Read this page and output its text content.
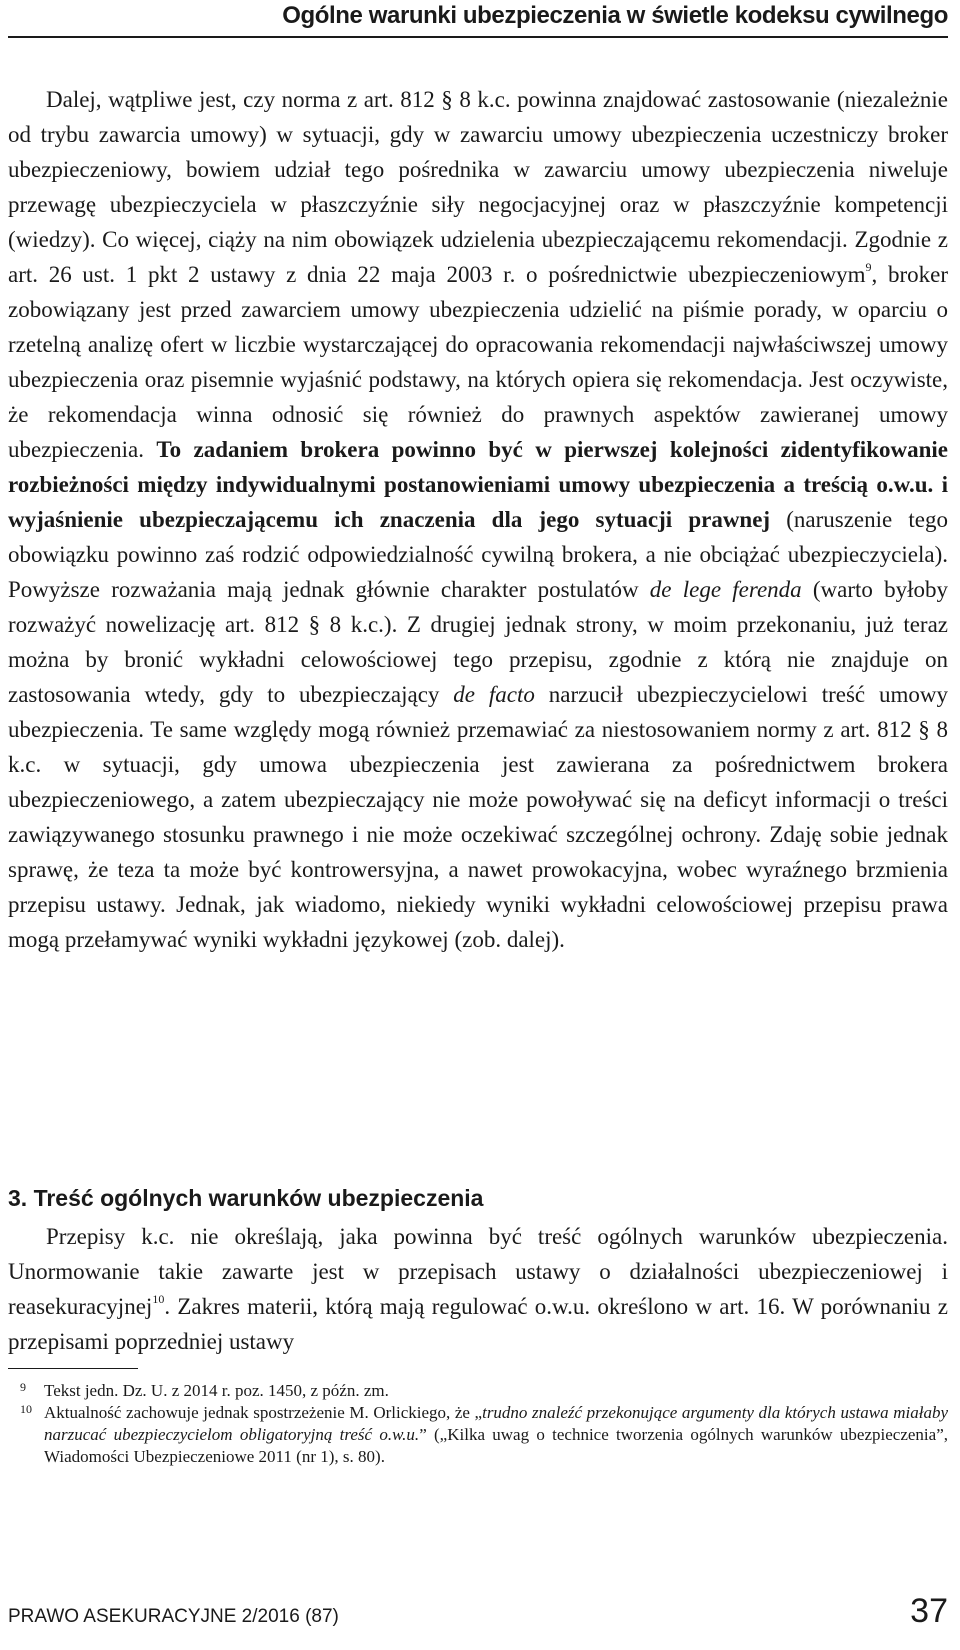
Ogólne warunki ubezpieczenia w świetle kodeksu cywilnego

Dalej, wątpliwe jest, czy norma z art. 812 § 8 k.c. powinna znajdować zastosowanie (niezależnie od trybu zawarcia umowy) w sytuacji, gdy w zawarciu umowy ubezpieczenia uczestniczy broker ubezpieczeniowy, bowiem udział tego pośrednika w zawarciu umowy ubezpieczenia niweluje przewagę ubezpieczyciela w płaszczyźnie siły negocjacyjnej oraz w płaszczyźnie kompetencji (wiedzy). Co więcej, ciąży na nim obowiązek udzielenia ubezpieczającemu rekomendacji. Zgodnie z art. 26 ust. 1 pkt 2 ustawy z dnia 22 maja 2003 r. o pośrednictwie ubezpieczeniowym$^9$, broker zobowiązany jest przed zawarciem umowy ubezpieczenia udzielić na piśmie porady, w oparciu o rzetelną analizę ofert w liczbie wystarczającej do opracowania rekomendacji najwłaściwszej umowy ubezpieczenia oraz pisemnie wyjaśnić podstawy, na których opiera się rekomendacja. Jest oczywiste, że rekomendacja winna odnosić się również do prawnych aspektów zawieranej umowy ubezpieczenia. To zadaniem brokera powinno być w pierwszej kolejności zidentyfikowanie rozbieżności między indywidualnymi postanowieniami umowy ubezpieczenia a treścią o.w.u. i wyjaśnienie ubezpieczającemu ich znaczenia dla jego sytuacji prawnej (naruszenie tego obowiązku powinno zaś rodzić odpowiedzialność cywilną brokera, a nie obciążać ubezpieczyciela). Powyższe rozważania mają jednak głównie charakter postulatów de lege ferenda (warto byłoby rozważyć nowelizację art. 812 § 8 k.c.). Z drugiej jednak strony, w moim przekonaniu, już teraz można by bronić wykładni celowościowej tego przepisu, zgodnie z którą nie znajduje on zastosowania wtedy, gdy to ubezpieczający de facto narzucił ubezpieczycielowi treść umowy ubezpieczenia. Te same względy mogą również przemawiać za niestosowaniem normy z art. 812 § 8 k.c. w sytuacji, gdy umowa ubezpieczenia jest zawierana za pośrednictwem brokera ubezpieczeniowego, a zatem ubezpieczający nie może powoływać się na deficyt informacji o treści zawiązywanego stosunku prawnego i nie może oczekiwać szczególnej ochrony. Zdaję sobie jednak sprawę, że teza ta może być kontrowersyjna, a nawet prowokacyjna, wobec wyraźnego brzmienia przepisu ustawy. Jednak, jak wiadomo, niekiedy wyniki wykładni celowościowej przepisu prawa mogą przełamywać wyniki wykładni językowej (zob. dalej).

3. Treść ogólnych warunków ubezpieczenia

Przepisy k.c. nie określają, jaka powinna być treść ogólnych warunków ubezpieczenia. Unormowanie takie zawarte jest w przepisach ustawy o działalności ubezpieczeniowej i reasekuracyjnej$^{10}$. Zakres materii, którą mają regulować o.w.u. określono w art. 16. W porównaniu z przepisami poprzedniej ustawy

9 Tekst jedn. Dz. U. z 2014 r. poz. 1450, z późn. zm.
10 Aktualność zachowuje jednak spostrzeżenie M. Orlickiego, że „trudno znaleźć przekonujące argumenty dla których ustawa miałaby narzucać ubezpieczycielom obligatoryjną treść o.w.u.” („Kilka uwag o technice tworzenia ogólnych warunków ubezpieczenia”, Wiadomości Ubezpieczeniowe 2011 (nr 1), s. 80).
PRAWO ASEKURACYJNE 2/2016 (87)	37
